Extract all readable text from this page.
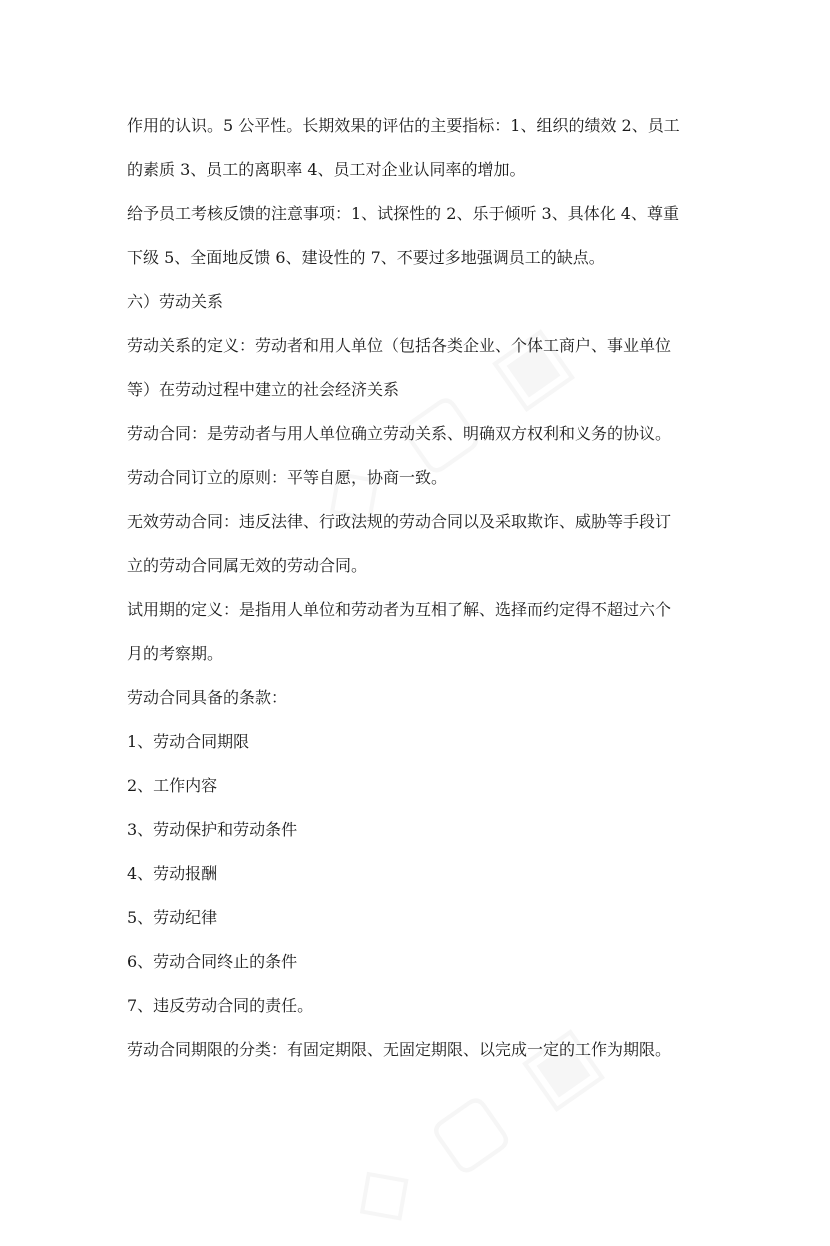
作用的认识。5 公平性。长期效果的评估的主要指标：1、组织的绩效 2、员工
的素质 3、员工的离职率 4、员工对企业认同率的增加。

给予员工考核反馈的注意事项：1、试探性的 2、乐于倾听 3、具体化 4、尊重
下级 5、全面地反馈 6、建设性的 7、不要过多地强调员工的缺点。

六）劳动关系

劳动关系的定义：劳动者和用人单位（包括各类企业、个体工商户、事业单位
等）在劳动过程中建立的社会经济关系

劳动合同：是劳动者与用人单位确立劳动关系、明确双方权利和义务的协议。

劳动合同订立的原则：平等自愿，协商一致。

无效劳动合同：违反法律、行政法规的劳动合同以及采取欺诈、威胁等手段订
立的劳动合同属无效的劳动合同。

试用期的定义：是指用人单位和劳动者为互相了解、选择而约定得不超过六个
月的考察期。

劳动合同具备的条款：

1、劳动合同期限

2、工作内容

3、劳动保护和劳动条件

4、劳动报酬

5、劳动纪律

6、劳动合同终止的条件

7、违反劳动合同的责任。

劳动合同期限的分类：有固定期限、无固定期限、以完成一定的工作为期限。
